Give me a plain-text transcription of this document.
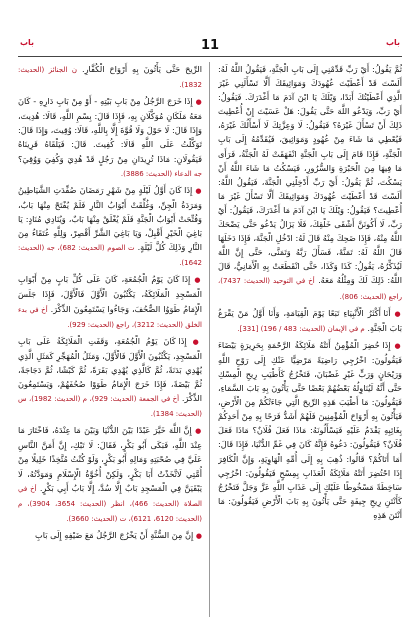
باب
11
باب

ثُمَّ يَقُولُ: أَيْ رَبِّ قَدِّمْنِي إِلَى بَابِ الْجَنَّةِ، فَيَقُولُ اللَّهُ لَهُ: أَلَسْتَ قَدْ أَعْطَيْتَ عُهُودَكَ وَمَوَاثِيقَكَ أَلَّا تَسْأَلَنِي غَيْرَ الَّذِي أَعْطَيْتُكَ أَبَدًا، وَيْلَكَ يَا ابْنَ آدَمَ مَا أَغْدَرَكَ. فَيَقُولُ: أَيْ رَبِّ، وَيَدْعُو اللَّهَ حَتَّى يَقُولَ: هَلْ عَسَيْتَ إِنْ أُعْطِيتَ ذَلِكَ أَنْ تَسْأَلَ غَيْرَهُ؟ فَيَقُولُ: لَا وَعِزَّتِكَ لَا أَسْأَلُكَ غَيْرَهُ، فَيُعْطِي مَا شَاءَ مِنْ عُهُودٍ وَمَوَاثِيقَ، فَيُقَدِّمُهُ إِلَى بَابِ الْجَنَّةِ، فَإِذَا قَامَ إِلَى بَابِ الْجَنَّةِ انْفَهَقَتْ لَهُ الْجَنَّةُ، فَرَأَى مَا فِيهَا مِنَ الْحَبْرَةِ وَالسُّرُورِ، فَيَسْكُتُ مَا شَاءَ اللَّهُ أَنْ يَسْكُتَ، ثُمَّ يَقُولُ: أَيْ رَبِّ أَدْخِلْنِي الْجَنَّةَ، فَيَقُولُ اللَّهُ: أَلَسْتَ قَدْ أَعْطَيْتَ عُهُودَكَ وَمَوَاثِيقَكَ أَلَّا تَسْأَلَ غَيْرَ مَا أُعْطِيتَ؟ فَيَقُولُ: وَيْلَكَ يَا ابْنَ آدَمَ مَا أَغْدَرَكَ، فَيَقُولُ: أَيْ رَبِّ، لَا أَكُونَنَّ أَشْقَى خَلْقِكَ، فَلَا يَزَالُ يَدْعُو حَتَّى يَضْحَكَ اللَّهُ مِنْهُ، فَإِذَا ضَحِكَ مِنْهُ قَالَ لَهُ: ادْخُلِ الْجَنَّةَ، فَإِذَا دَخَلَهَا قَالَ اللَّهُ لَهُ: تَمَنَّهْ، فَسَأَلَ رَبَّهُ وَتَمَنَّى، حَتَّى إِنَّ اللَّهَ لَيُذَكِّرُهُ، يَقُولُ: كَذَا وَكَذَا، حَتَّى انْقَطَعَتْ بِهِ الْأَمَانِيُّ، قَالَ اللَّهُ: ذَلِكَ لَكَ وَمِثْلُهُ مَعَهُ. أخ في التوحيد (الحديث: 7437)، راجع (الحديث: 806).

● أَنَا أَكْثَرُ الْأَنْبِيَاءِ تَبَعًا يَوْمَ الْقِيَامَةِ، وَأَنَا أَوَّلُ مَنْ يَقْرَعُ بَابَ الْجَنَّةِ. م في الإيمان (الحديث: 483 / 196) [331].

● إِذَا حُضِرَ الْمُؤْمِنُ أَتَتْهُ مَلَائِكَةُ الرَّحْمَةِ بِحَرِيرَةٍ بَيْضَاءَ فَيَقُولُونَ: اخْرُجِي رَاضِيَةً مَرْضِيًّا عَنْكِ إِلَى رَوْحِ اللَّهِ وَرَيْحَانٍ وَرَبٍّ غَيْرِ غَضْبَانَ، فَتَخْرُجُ كَأَطْيَبِ رِيحِ الْمِسْكِ حَتَّى أَنَّهُ لَيُنَاوِلُهُ بَعْضُهُمْ بَعْضًا حَتَّى يَأْتُونَ بِهِ بَابَ السَّمَاءِ، فَيَقُولُونَ: مَا أَطْيَبَ هَذِهِ الرِّيحَ الَّتِي جَاءَتْكُمْ مِنَ الْأَرْضِ، فَيَأْتُونَ بِهِ أَرْوَاحَ الْمُؤْمِنِينَ فَلَهُمْ أَشَدُّ فَرَحًا بِهِ مِنْ أَحَدِكُمْ بِغَائِبِهِ يَقْدَمُ عَلَيْهِ فَيَسْأَلُونَهُ: مَاذَا فَعَلَ فُلَانٌ؟ مَاذَا فَعَلَ فُلَانٌ؟ فَيَقُولُونَ: دَعُوهُ فَإِنَّهُ كَانَ فِي غَمِّ الدُّنْيَا، فَإِذَا قَالَ: أَمَا أَتَاكُمْ؟ قَالُوا: ذُهِبَ بِهِ إِلَى أُمِّهِ الْهَاوِيَةِ، وَإِنَّ الْكَافِرَ إِذَا احْتُضِرَ أَتَتْهُ مَلَائِكَةُ الْعَذَابِ بِمِسْحٍ فَيَقُولُونَ: اخْرُجِي سَاخِطَةً مَسْخُوطًا عَلَيْكِ إِلَى عَذَابِ اللَّهِ عَزَّ وَجَلَّ فَتَخْرُجُ كَأَنْتَنِ رِيحِ جِيفَةٍ حَتَّى يَأْتُونَ بِهِ بَابَ الْأَرْضِ فَيَقُولُونَ: مَا أَنْتَنَ هَذِهِ

الرِّيحَ حَتَّى يَأْتُونَ بِهِ أَرْوَاحَ الْكُفَّارِ. ن الجنائز (الحديث: 1832).

● إِذَا خَرَجَ الرَّجُلُ مِنْ بَابِ بَيْتِهِ - أَوْ مِنْ بَابِ دَارِهِ - كَانَ مَعَهُ مَلَكَانِ مُوَكَّلَانِ بِهِ، فَإِذَا قَالَ: بِسْمِ اللَّهِ، قَالَا: هُدِيتَ، وَإِذَا قَالَ: لَا حَوْلَ وَلَا قُوَّةَ إِلَّا بِاللَّهِ، قَالَا: وُقِيتَ، وَإِذَا قَالَ: تَوَكَّلْتُ عَلَى اللَّهِ قَالَا: كُفِيتَ. قَالَ: فَيَلْقَاهُ قَرِينَاهُ فَيَقُولَانِ: مَاذَا تُرِيدَانِ مِنْ رَجُلٍ قَدْ هُدِيَ وَكُفِيَ وَوُقِيَ؟ جه الدعاء (الحديث: 3886).

● إِذَا كَانَ أَوَّلُ لَيْلَةٍ مِنْ شَهْرِ رَمَضَانَ صُفِّدَتِ الشَّيَاطِينُ وَمَرَدَةُ الْجِنِّ، وَغُلِّقَتْ أَبْوَابُ النَّارِ فَلَمْ يُفْتَحْ مِنْهَا بَابٌ، وَفُتِّحَتْ أَبْوَابُ الْجَنَّةِ فَلَمْ يُغْلَقْ مِنْهَا بَابٌ، وَيُنَادِي مُنَادٍ: يَا بَاغِيَ الْخَيْرِ أَقْبِلْ، وَيَا بَاغِيَ الشَّرِّ أَقْصِرْ، وَلِلَّهِ عُتَقَاءُ مِنَ النَّارِ وَذَلِكَ كُلَّ لَيْلَةٍ. ت الصوم (الحديث: 682)، جه (الحديث: 1642).

● إِذَا كَانَ يَوْمُ الْجُمُعَةِ، كَانَ عَلَى كُلِّ بَابٍ مِنْ أَبْوَابِ الْمَسْجِدِ الْمَلَائِكَةُ، يَكْتُبُونَ الْأَوَّلَ فَالْأَوَّلَ، فَإِذَا جَلَسَ الْإِمَامُ طَوَوُا الصُّحُفَ، وَجَاءُوا يَسْتَمِعُونَ الذِّكْرَ. أخ في بدء الخلق (الحديث: 3212)، راجع (الحديث: 929).

● إِذَا كَانَ يَوْمُ الْجُمُعَةِ، وَقَفَتِ الْمَلَائِكَةُ عَلَى بَابِ الْمَسْجِدِ، يَكْتُبُونَ الْأَوَّلَ فَالْأَوَّلَ، وَمَثَلُ الْمُهَجِّرِ كَمَثَلِ الَّذِي يُهْدِي بَدَنَةً، ثُمَّ كَالَّذِي يُهْدِي بَقَرَةً، ثُمَّ كَبْشًا، ثُمَّ دَجَاجَةً، ثُمَّ بَيْضَةً، فَإِذَا خَرَجَ الْإِمَامُ طَوَوْا صُحُفَهُمْ، وَيَسْتَمِعُونَ الذِّكْرَ. أخ في الجمعة (الحديث: 929)، م (الحديث: 1982)، س (الحديث: 1384).

● إِنَّ اللَّهَ خَيَّرَ عَبْدًا بَيْنَ الدُّنْيَا وَبَيْنَ مَا عِنْدَهُ، فَاخْتَارَ مَا عِنْدَ اللَّهِ، فَبَكَى أَبُو بَكْرٍ، فَقَالَ: لَا تَبْكِ، إِنَّ أَمَنَّ النَّاسِ عَلَيَّ فِي صُحْبَتِهِ وَمَالِهِ أَبُو بَكْرٍ، وَلَوْ كُنْتُ مُتَّخِذًا خَلِيلًا مِنْ أُمَّتِي لَاتَّخَذْتُ أَبَا بَكْرٍ، وَلَكِنْ أُخُوَّةُ الْإِسْلَامِ وَمَوَدَّتُهُ، لَا يَبْقَيَنَّ فِي الْمَسْجِدِ بَابٌ إِلَّا سُدَّ، إِلَّا بَابُ أَبِي بَكْرٍ. أخ في الصلاة (الحديث: 466)، انظر (الحديث: 3654، 3904)، م (الحديث: 6120، 6121)، ت (الحديث: 3660).

● إِنَّ مِنَ السُّنَّةِ أَنْ يَخْرُجَ الرَّجُلُ مَعَ ضَيْفِهِ إِلَى بَابِ
